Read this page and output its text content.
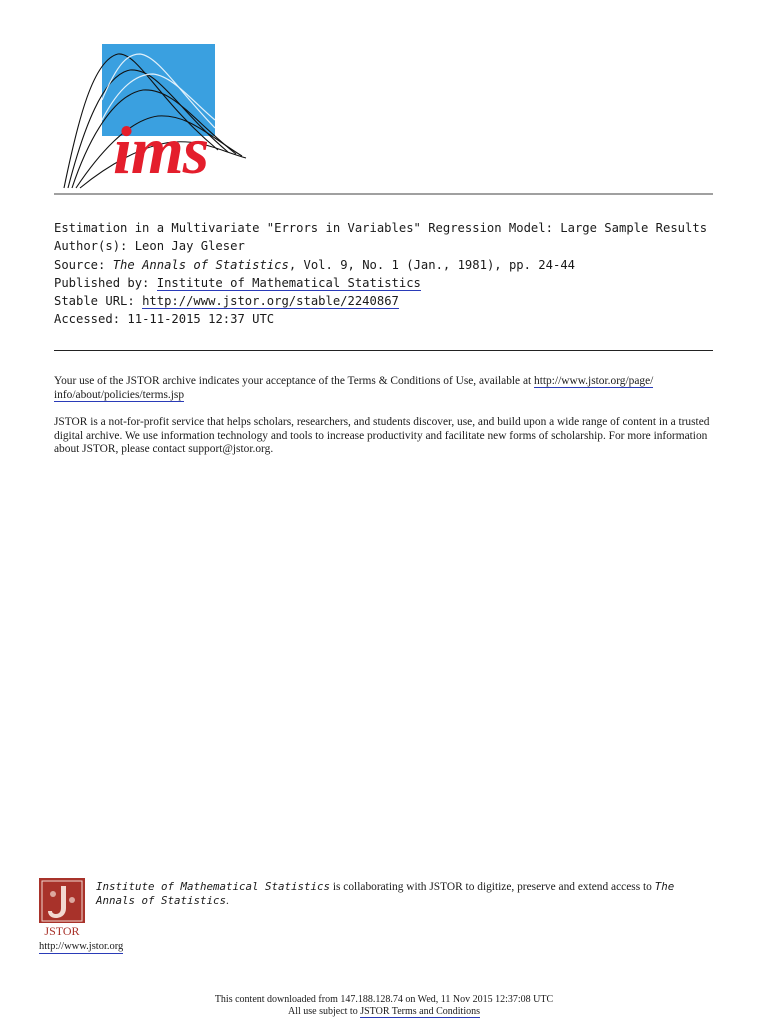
ims
Estimation in a Multivariate "Errors in Variables" Regression Model: Large Sample Results
Author(s): Leon Jay Gleser
Source: The Annals of Statistics, Vol. 9, No. 1 (Jan., 1981), pp. 24-44
Published by: Institute of Mathematical Statistics
Stable URL: http://www.jstor.org/stable/2240867
Accessed: 11-11-2015 12:37 UTC
Your use of the JSTOR archive indicates your acceptance of the Terms & Conditions of Use, available at http://www.jstor.org/page/
info/about/policies/terms.jsp
JSTOR is a not-for-profit service that helps scholars, researchers, and students discover, use, and build upon a wide range of content in a trusted digital archive. We use information technology and tools to increase productivity and facilitate new forms of scholarship. For more information about JSTOR, please contact support@jstor.org.
JSTOR
http://www.jstor.org
Institute of Mathematical Statistics is collaborating with JSTOR to digitize, preserve and extend access to The Annals of Statistics.
This content downloaded from 147.188.128.74 on Wed, 11 Nov 2015 12:37:08 UTC
All use subject to JSTOR Terms and Conditions
